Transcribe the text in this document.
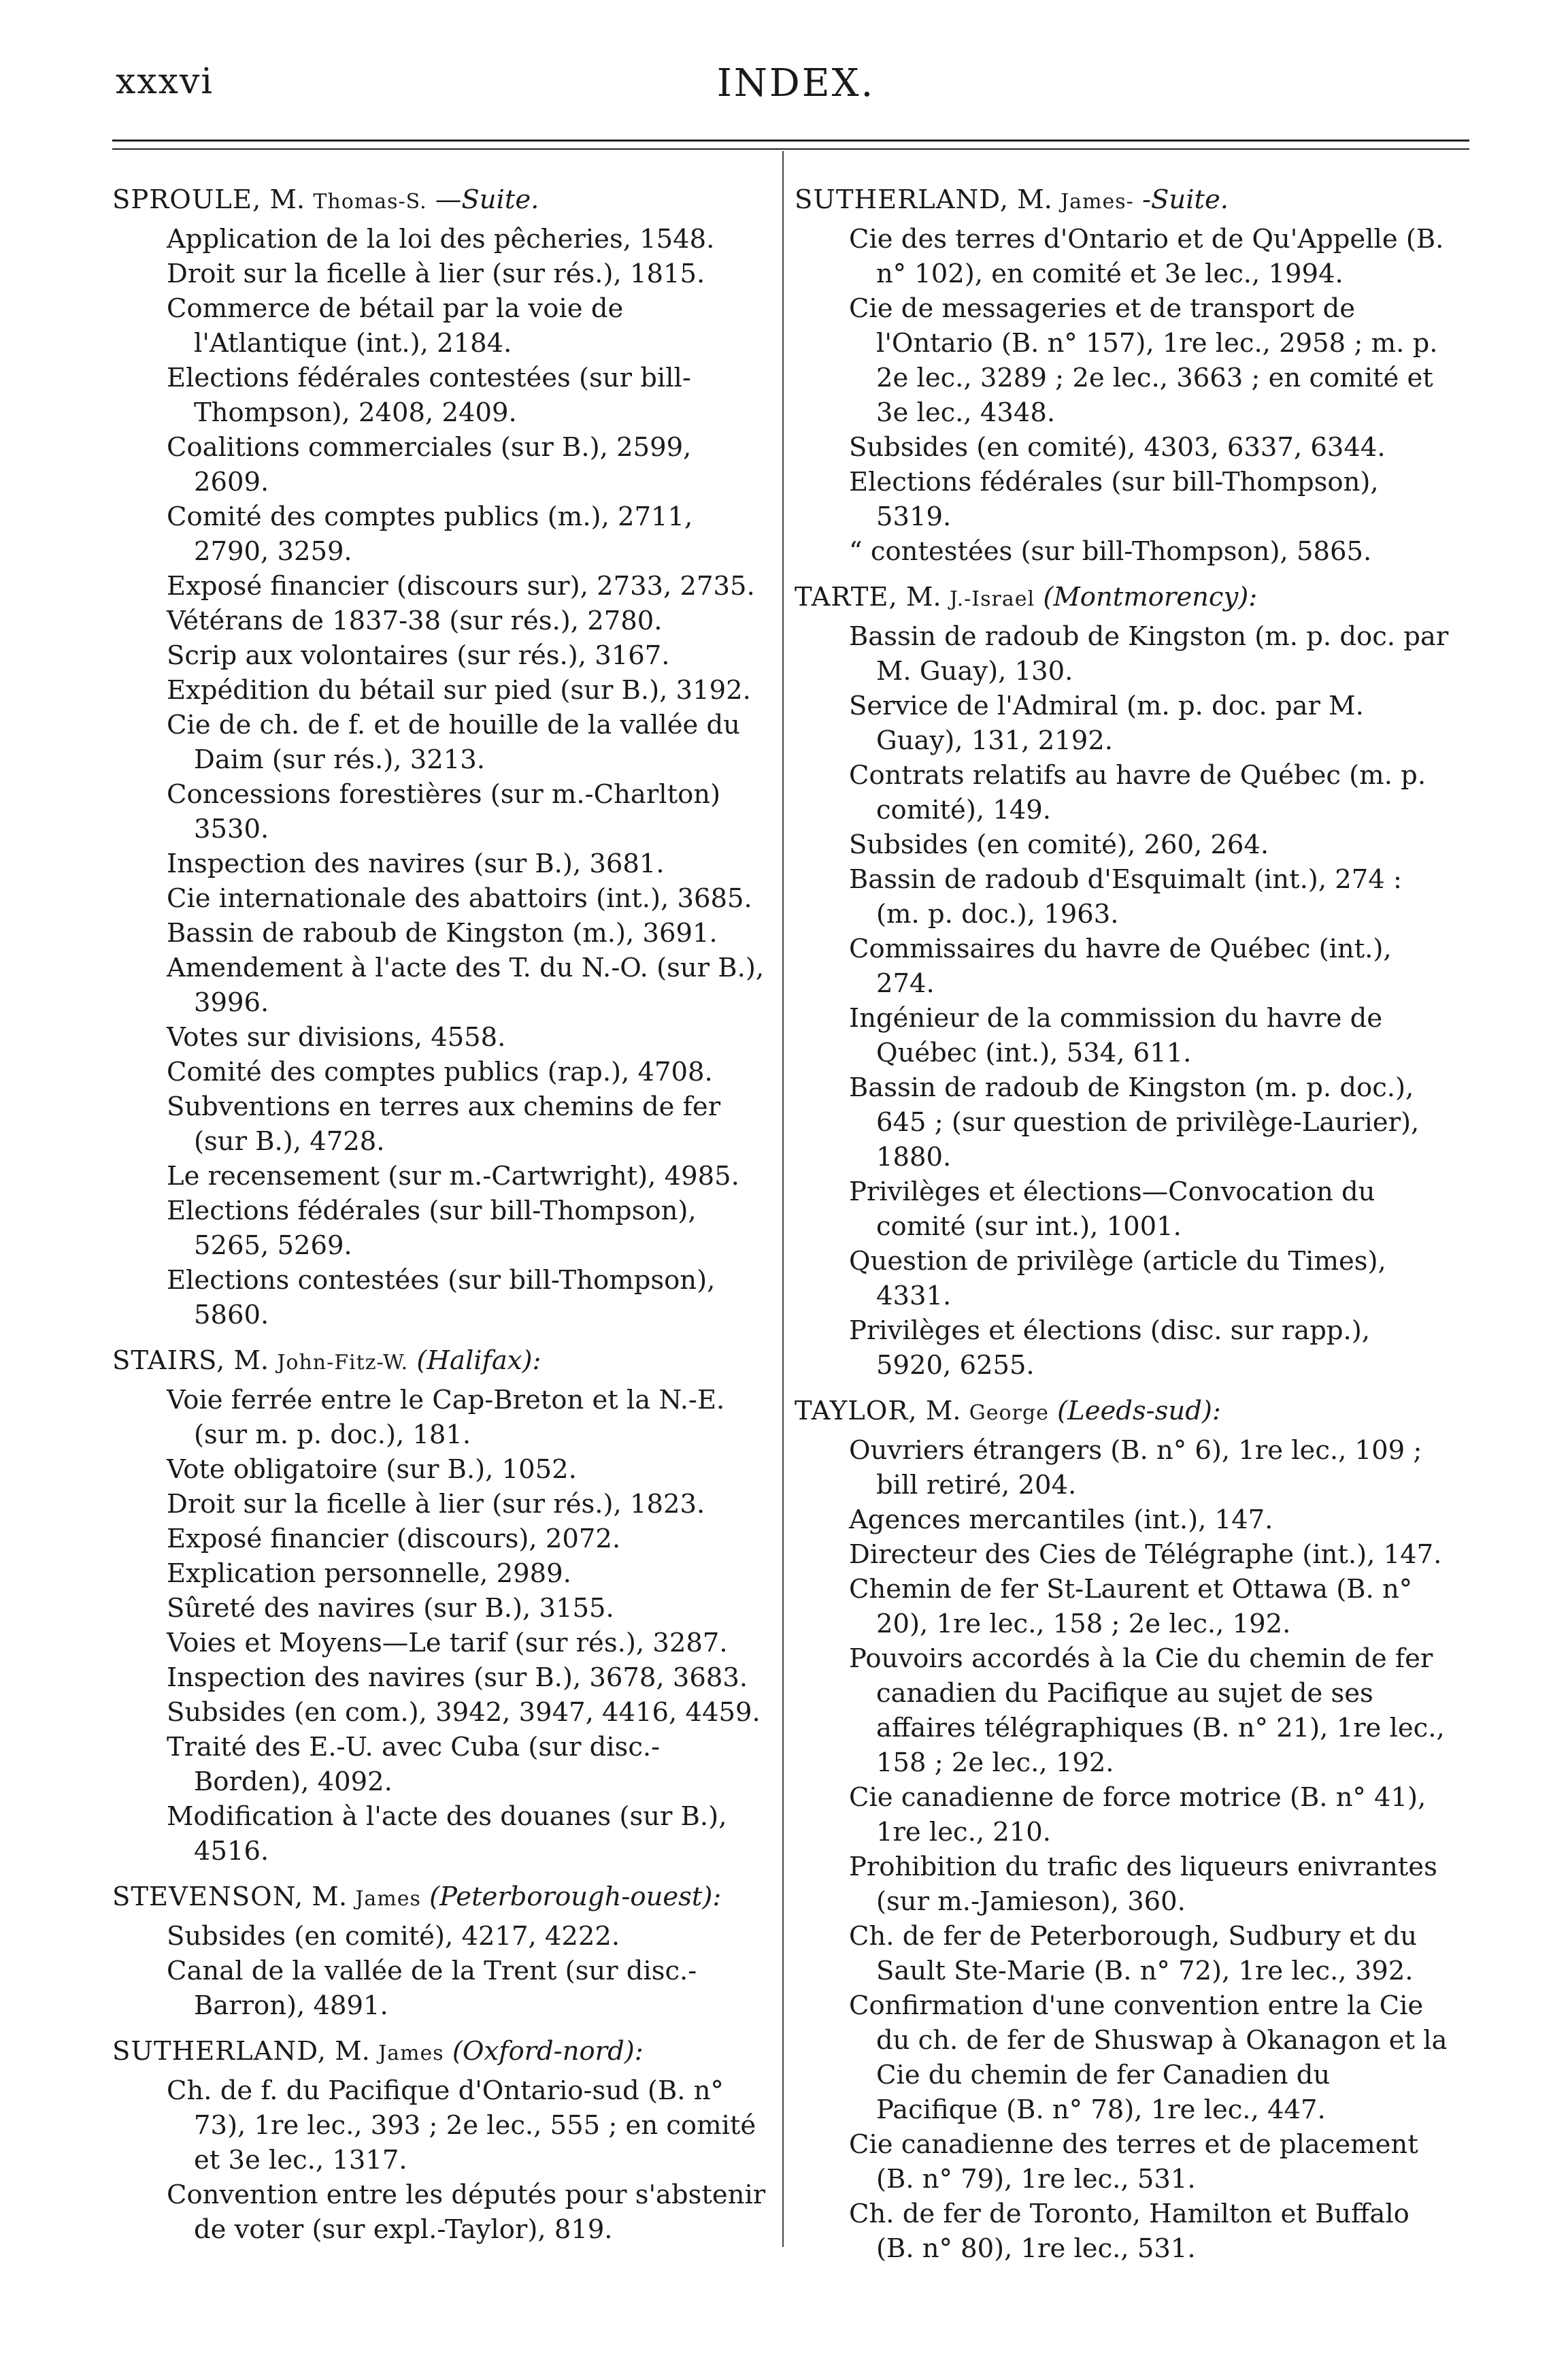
xxxvi	INDEX.
SPROULE, M. Thomas-S. —Suite.
Application de la loi des pêcheries, 1548.
Droit sur la ficelle à lier (sur rés.), 1815.
Commerce de bétail par la voie de l'Atlantique (int.), 2184.
Elections fédérales contestées (sur bill-Thompson), 2408, 2409.
Coalitions commerciales (sur B.), 2599, 2609.
Comité des comptes publics (m.), 2711, 2790, 3259.
Exposé financier (discours sur), 2733, 2735.
Vétérans de 1837-38 (sur rés.), 2780.
Scrip aux volontaires (sur rés.), 3167.
Expédition du bétail sur pied (sur B.), 3192.
Cie de ch. de f. et de houille de la vallée du Daim (sur rés.), 3213.
Concessions forestières (sur m.-Charlton) 3530.
Inspection des navires (sur B.), 3681.
Cie internationale des abattoirs (int.), 3685.
Bassin de raboub de Kingston (m.), 3691.
Amendement à l'acte des T. du N.-O. (sur B.), 3996.
Votes sur divisions, 4558.
Comité des comptes publics (rap.), 4708.
Subventions en terres aux chemins de fer (sur B.), 4728.
Le recensement (sur m.-Cartwright), 4985.
Elections fédérales (sur bill-Thompson), 5265, 5269.
Elections contestées (sur bill-Thompson), 5860.
STAIRS, M. John-Fitz-W. (Halifax):
Voie ferrée entre le Cap-Breton et la N.-E. (sur m. p. doc.), 181.
Vote obligatoire (sur B.), 1052.
Droit sur la ficelle à lier (sur rés.), 1823.
Exposé financier (discours), 2072.
Explication personnelle, 2989.
Sûreté des navires (sur B.), 3155.
Voies et Moyens—Le tarif (sur rés.), 3287.
Inspection des navires (sur B.), 3678, 3683.
Subsides (en com.), 3942, 3947, 4416, 4459.
Traité des E.-U. avec Cuba (sur disc.-Borden), 4092.
Modification à l'acte des douanes (sur B.), 4516.
STEVENSON, M. James (Peterborough-ouest):
Subsides (en comité), 4217, 4222.
Canal de la vallée de la Trent (sur disc.-Barron), 4891.
SUTHERLAND, M. James (Oxford-nord):
Ch. de f. du Pacifique d'Ontario-sud (B. n° 73), 1re lec., 393 ; 2e lec., 555 ; en comité et 3e lec., 1317.
Convention entre les députés pour s'abstenir de voter (sur expl.-Taylor), 819.
SUTHERLAND, M. James- -Suite.
Cie des terres d'Ontario et de Qu'Appelle (B. n° 102), en comité et 3e lec., 1994.
Cie de messageries et de transport de l'Ontario (B. n° 157), 1re lec., 2958 ; m. p. 2e lec., 3289 ; 2e lec., 3663 ; en comité et 3e lec., 4348.
Subsides (en comité), 4303, 6337, 6344.
Elections fédérales (sur bill-Thompson), 5319.
“ contestées (sur bill-Thompson), 5865.
TARTE, M. J.-Israel (Montmorency):
Bassin de radoub de Kingston (m. p. doc. par M. Guay), 130.
Service de l'Admiral (m. p. doc. par M. Guay), 131, 2192.
Contrats relatifs au havre de Québec (m. p. comité), 149.
Subsides (en comité), 260, 264.
Bassin de radoub d'Esquimalt (int.), 274 : (m. p. doc.), 1963.
Commissaires du havre de Québec (int.), 274.
Ingénieur de la commission du havre de Québec (int.), 534, 611.
Bassin de radoub de Kingston (m. p. doc.), 645 ; (sur question de privilège-Laurier), 1880.
Privilèges et élections—Convocation du comité (sur int.), 1001.
Question de privilège (article du Times), 4331.
Privilèges et élections (disc. sur rapp.), 5920, 6255.
TAYLOR, M. George (Leeds-sud):
Ouvriers étrangers (B. n° 6), 1re lec., 109 ; bill retiré, 204.
Agences mercantiles (int.), 147.
Directeur des Cies de Télégraphe (int.), 147.
Chemin de fer St-Laurent et Ottawa (B. n° 20), 1re lec., 158 ; 2e lec., 192.
Pouvoirs accordés à la Cie du chemin de fer canadien du Pacifique au sujet de ses affaires télégraphiques (B. n° 21), 1re lec., 158 ; 2e lec., 192.
Cie canadienne de force motrice (B. n° 41), 1re lec., 210.
Prohibition du trafic des liqueurs enivrantes (sur m.-Jamieson), 360.
Ch. de fer de Peterborough, Sudbury et du Sault Ste-Marie (B. n° 72), 1re lec., 392.
Confirmation d'une convention entre la Cie du ch. de fer de Shuswap à Okanagon et la Cie du chemin de fer Canadien du Pacifique (B. n° 78), 1re lec., 447.
Cie canadienne des terres et de placement (B. n° 79), 1re lec., 531.
Ch. de fer de Toronto, Hamilton et Buffalo (B. n° 80), 1re lec., 531.
